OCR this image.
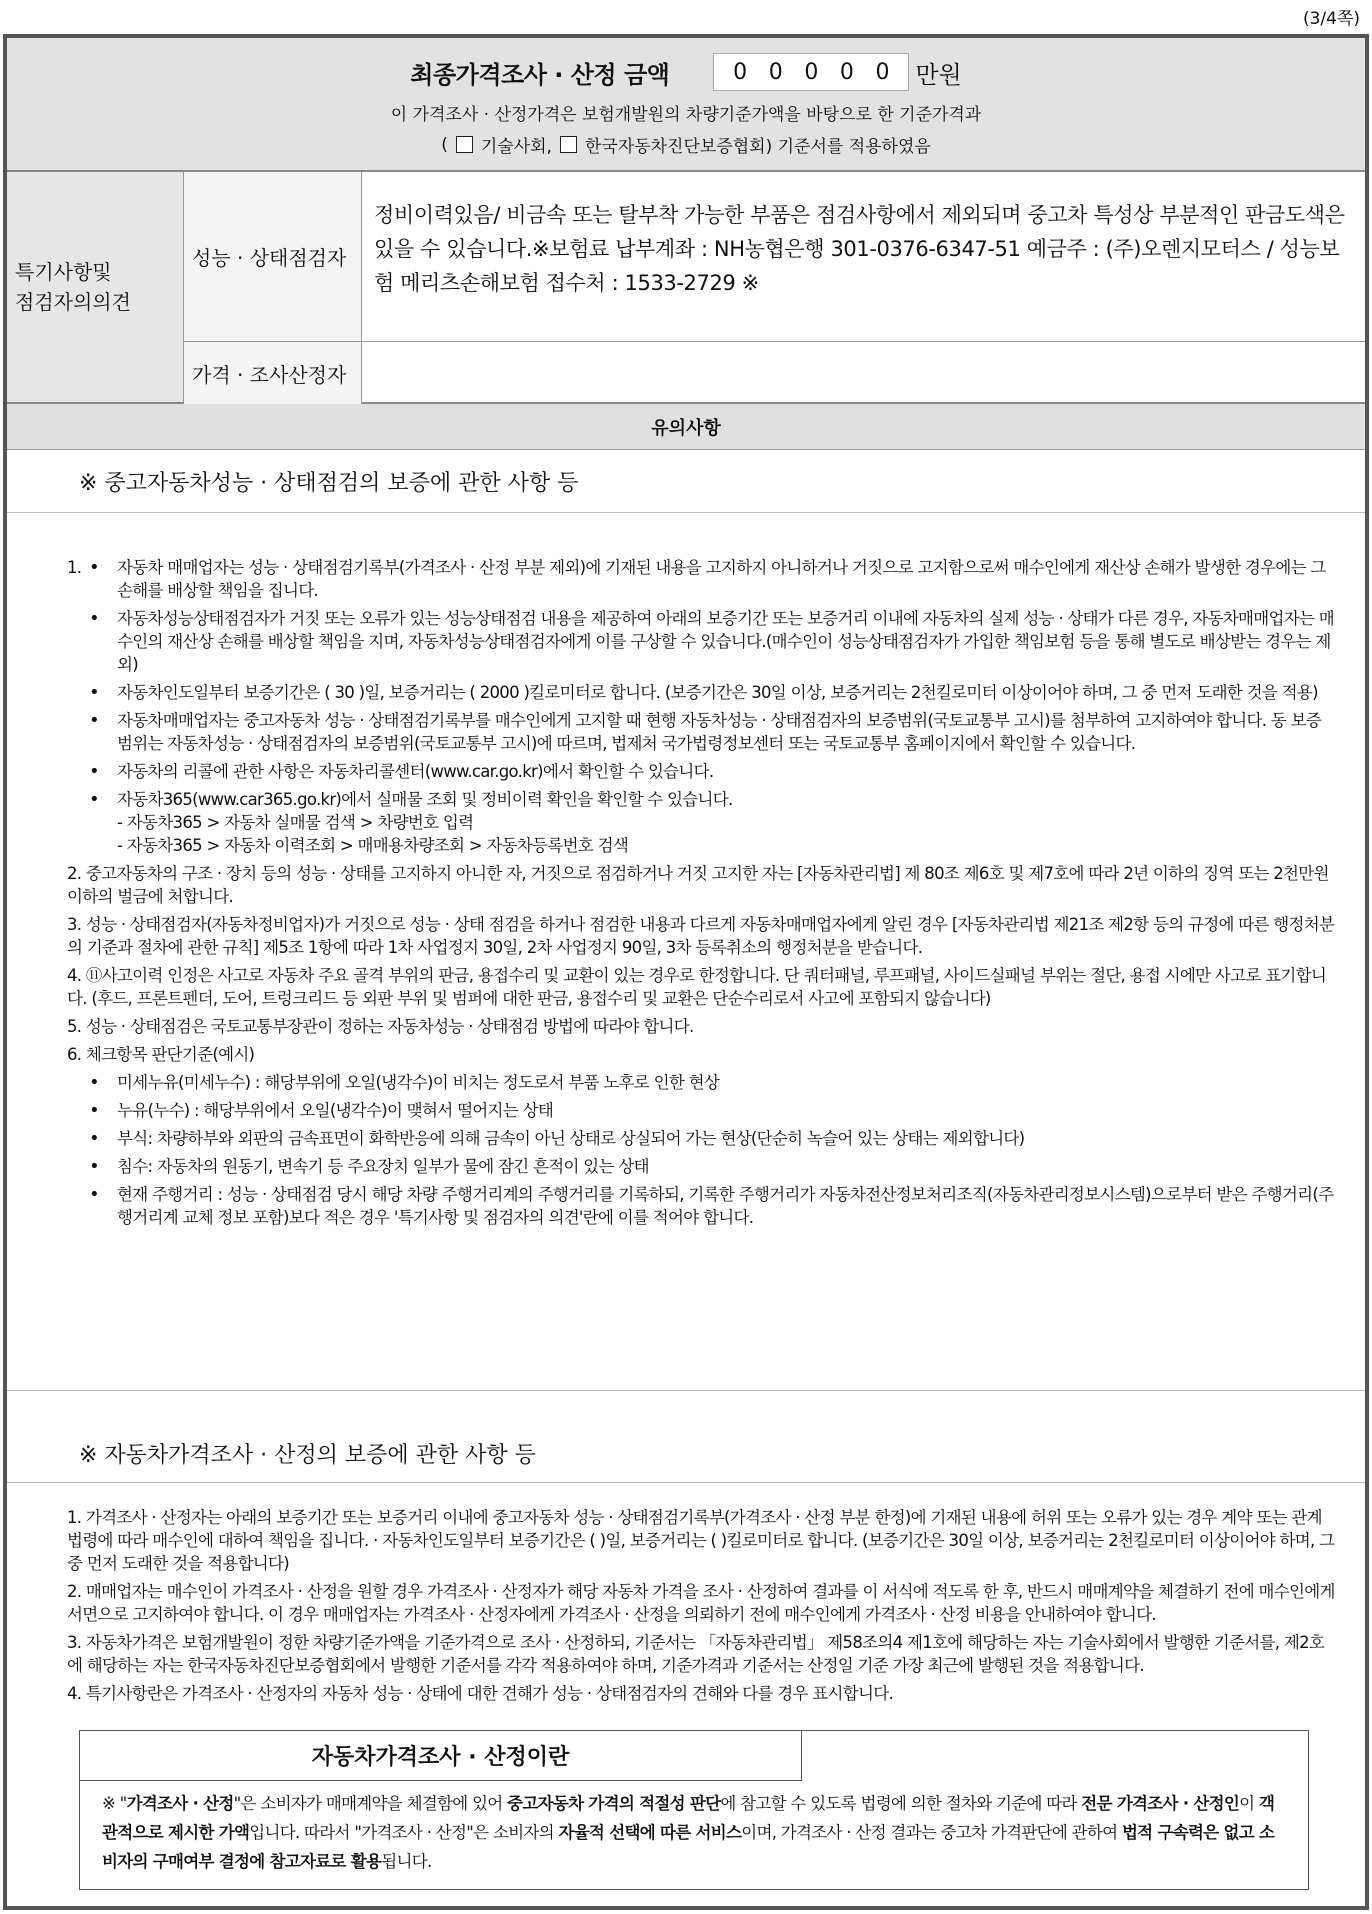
(3/4쪽)
최종가격조사 · 산정 금액	0 0 0 0 0 만원
이 가격조사 · 산정가격은 보험개발원의 차량기준가액을 바탕으로 한 기준가격과
( 기술사회, 한국자동차진단보증협회) 기준서를 적용하였음
특기사항및
점검자의의견
성능 · 상태점검자
정비이력있음/ 비금속 또는 탈부착 가능한 부품은 점검사항에서 제외되며 중고차 특성상 부분적인 판금도색은 있을 수 있습니다.※보험료 납부계좌 : NH농협은행 301-0376-6347-51 예금주 : (주)오렌지모터스 / 성능보험 메리츠손해보험 접수처 : 1533-2729 ※
가격 · 조사산정자
유의사항
※ 중고자동차성능 · 상태점검의 보증에 관한 사항 등
1.
•	자동차 매매업자는 성능 · 상태점검기록부(가격조사 · 산정 부분 제외)에 기재된 내용을 고지하지 아니하거나 거짓으로 고지함으로써 매수인에게 재산상 손해가 발생한 경우에는 그 손해를 배상할 책임을 집니다.
• 자동차성능상태점검자가 거짓 또는 오류가 있는 성능상태점검 내용을 제공하여 아래의 보증기간 또는 보증거리 이내에 자동차의 실제 성능 · 상태가 다른 경우, 자동차매매업자는 매수인의 재산상 손해를 배상할 책임을 지며, 자동차성능상태점검자에게 이를 구상할 수 있습니다.(매수인이 성능상태점검자가 가입한 책임보험 등을 통해 별도로 배상받는 경우는 제외)
• 자동차인도일부터 보증기간은 ( 30 )일, 보증거리는 ( 2000 )킬로미터로 합니다. (보증기간은 30일 이상, 보증거리는 2천킬로미터 이상이어야 하며, 그 중 먼저 도래한 것을 적용)
• 자동차매매업자는 중고자동차 성능 · 상태점검기록부를 매수인에게 고지할 때 현행 자동차성능 · 상태점검자의 보증범위(국토교통부 고시)를 첨부하여 고지하여야 합니다. 동 보증범위는 자동차성능 · 상태점검자의 보증범위(국토교통부 고시)에 따르며, 법제처 국가법령정보센터 또는 국토교통부 홈페이지에서 확인할 수 있습니다.
• 자동차의 리콜에 관한 사항은 자동차리콜센터(www.car.go.kr)에서 확인할 수 있습니다.
• 자동차365(www.car365.go.kr)에서 실매물 조회 및 정비이력 확인을 확인할 수 있습니다.
- 자동차365 > 자동차 실매물 검색 > 차량번호 입력
- 자동차365 > 자동차 이력조회 > 매매용차량조회 > 자동차등록번호 검색
2. 중고자동차의 구조 · 장치 등의 성능 · 상태를 고지하지 아니한 자, 거짓으로 점검하거나 거짓 고지한 자는 [자동차관리법] 제 80조 제6호 및 제7호에 따라 2년 이하의 징역 또는 2천만원 이하의 벌금에 처합니다.
3. 성능 · 상태점검자(자동차정비업자)가 거짓으로 성능 · 상태 점검을 하거나 점검한 내용과 다르게 자동차매매업자에게 알린 경우 [자동차관리법 제21조 제2항 등의 규정에 따른 행정처분의 기준과 절차에 관한 규칙] 제5조 1항에 따라 1차 사업정지 30일, 2차 사업정지 90일, 3차 등록취소의 행정처분을 받습니다.
4. ⑪사고이력 인정은 사고로 자동차 주요 골격 부위의 판금, 용접수리 및 교환이 있는 경우로 한정합니다. 단 쿼터패널, 루프패널, 사이드실패널 부위는 절단, 용접 시에만 사고로 표기합니다. (후드, 프론트펜더, 도어, 트렁크리드 등 외판 부위 및 범퍼에 대한 판금, 용접수리 및 교환은 단순수리로서 사고에 포함되지 않습니다)
5. 성능 · 상태점검은 국토교통부장관이 정하는 자동차성능 · 상태점검 방법에 따라야 합니다.
6. 체크항목 판단기준(예시)
• 미세누유(미세누수) : 해당부위에 오일(냉각수)이 비치는 정도로서 부품 노후로 인한 현상
• 누유(누수) : 해당부위에서 오일(냉각수)이 맺혀서 떨어지는 상태
• 부식: 차량하부와 외판의 금속표면이 화학반응에 의해 금속이 아닌 상태로 상실되어 가는 현상(단순히 녹슬어 있는 상태는 제외합니다)
• 침수: 자동차의 원동기, 변속기 등 주요장치 일부가 물에 잠긴 흔적이 있는 상태
• 현재 주행거리 : 성능 · 상태점검 당시 해당 차량 주행거리계의 주행거리를 기록하되, 기록한 주행거리가 자동차전산정보처리조직(자동차관리정보시스템)으로부터 받은 주행거리(주행거리계 교체 정보 포함)보다 적은 경우 '특기사항 및 점검자의 의견'란에 이를 적어야 합니다.
※ 자동차가격조사 · 산정의 보증에 관한 사항 등
1. 가격조사 · 산정자는 아래의 보증기간 또는 보증거리 이내에 중고자동차 성능 · 상태점검기록부(가격조사 · 산정 부분 한정)에 기재된 내용에 허위 또는 오류가 있는 경우 계약 또는 관계법령에 따라 매수인에 대하여 책임을 집니다. · 자동차인도일부터 보증기간은 ( )일, 보증거리는 ( )킬로미터로 합니다. (보증기간은 30일 이상, 보증거리는 2천킬로미터 이상이어야 하며, 그 중 먼저 도래한 것을 적용합니다)
2. 매매업자는 매수인이 가격조사 · 산정을 원할 경우 가격조사 · 산정자가 해당 자동차 가격을 조사 · 산정하여 결과를 이 서식에 적도록 한 후, 반드시 매매계약을 체결하기 전에 매수인에게 서면으로 고지하여야 합니다. 이 경우 매매업자는 가격조사 · 산정자에게 가격조사 · 산정을 의뢰하기 전에 매수인에게 가격조사 · 산정 비용을 안내하여야 합니다.
3. 자동차가격은 보험개발원이 정한 차량기준가액을 기준가격으로 조사 · 산정하되, 기준서는 「자동차관리법」 제58조의4 제1호에 해당하는 자는 기술사회에서 발행한 기준서를, 제2호에 해당하는 자는 한국자동차진단보증협회에서 발행한 기준서를 각각 적용하여야 하며, 기준가격과 기준서는 산정일 기준 가장 최근에 발행된 것을 적용합니다.
4. 특기사항란은 가격조사 · 산정자의 자동차 성능 · 상태에 대한 견해가 성능 · 상태점검자의 견해와 다를 경우 표시합니다.
자동차가격조사 · 산정이란
※ "가격조사 · 산정"은 소비자가 매매계약을 체결함에 있어 중고자동차 가격의 적절성 판단에 참고할 수 있도록 법령에 의한 절차와 기준에 따라 전문 가격조사 · 산정인이 객관적으로 제시한 가액입니다. 따라서 "가격조사 · 산정"은 소비자의 자율적 선택에 따른 서비스이며, 가격조사 · 산정 결과는 중고차 가격판단에 관하여 법적 구속력은 없고 소비자의 구매여부 결정에 참고자료로 활용됩니다.
